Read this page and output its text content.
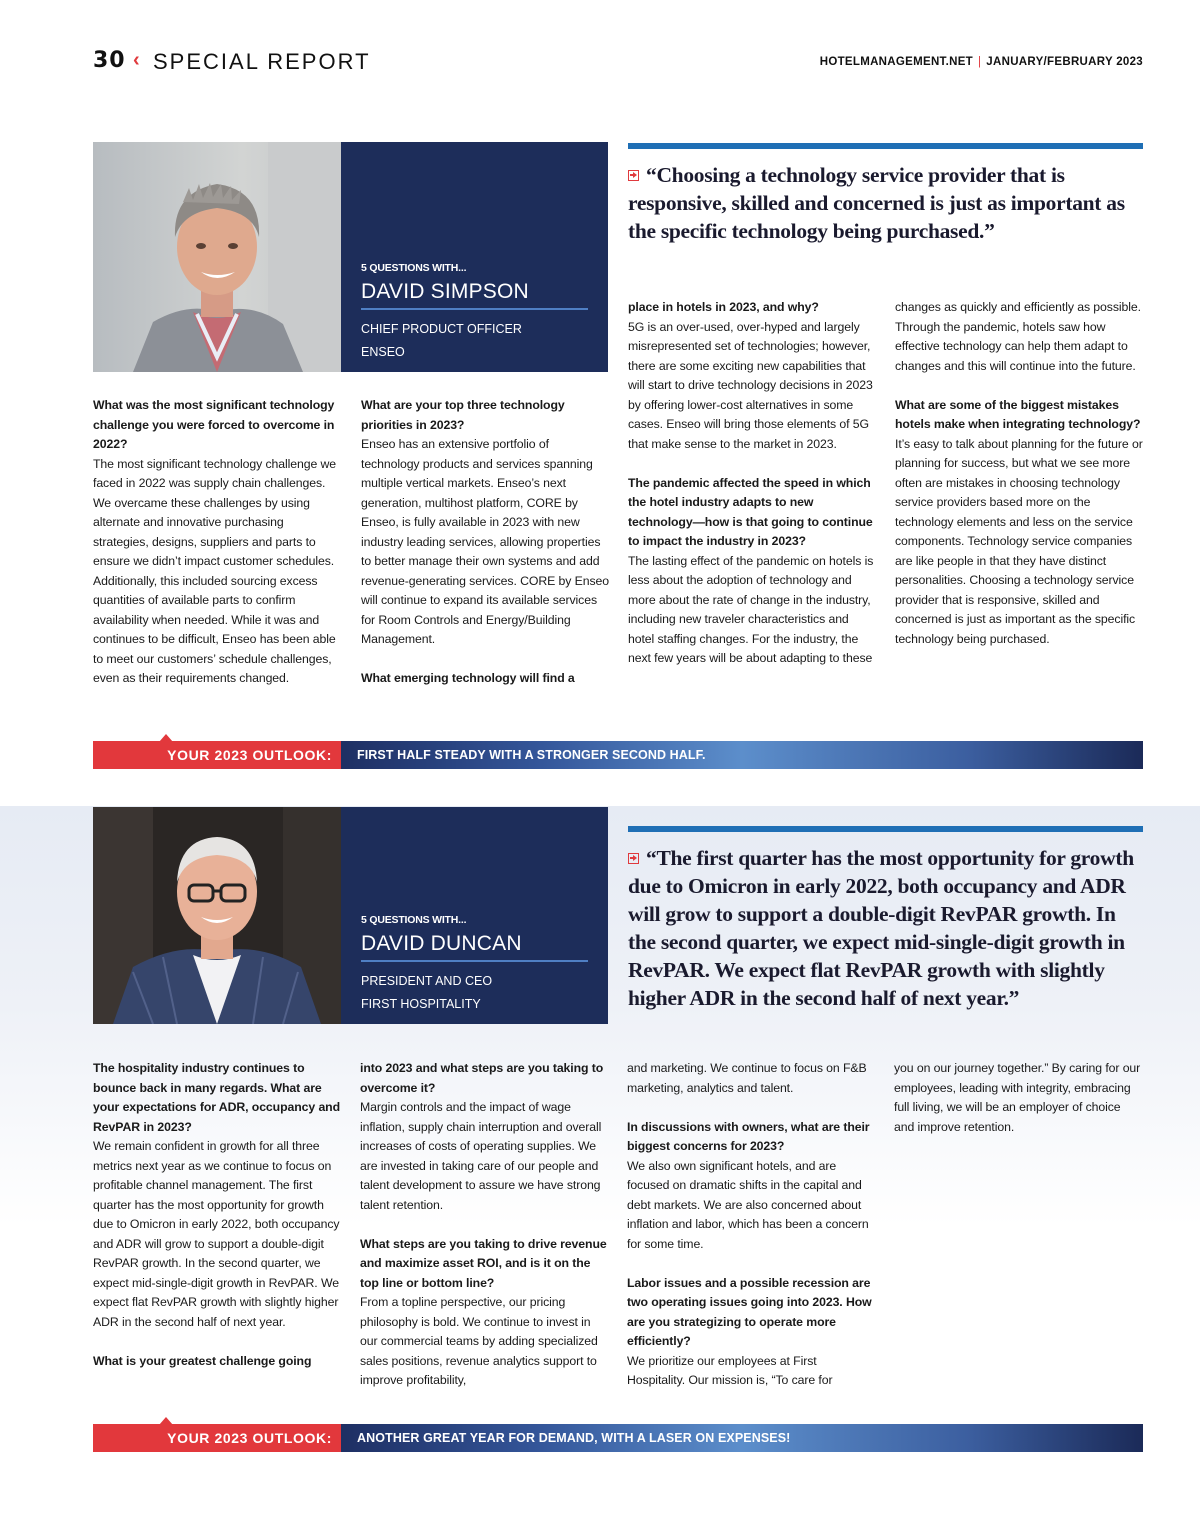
30 ‹ SPECIAL REPORT	HOTELMANAGEMENT.NET | JANUARY/FEBRUARY 2023
5 QUESTIONS WITH...
DAVID SIMPSON
CHIEF PRODUCT OFFICER
ENSEO
“Choosing a technology service provider that is responsive, skilled and concerned is just as important as the specific technology being purchased.”
What was the most significant technology challenge you were forced to overcome in 2022?
The most significant technology challenge we faced in 2022 was supply chain challenges. We overcame these challenges by using alternate and innovative purchasing strategies, designs, suppliers and parts to ensure we didn’t impact customer schedules. Additionally, this included sourcing excess quantities of available parts to confirm availability when needed. While it was and continues to be difficult, Enseo has been able to meet our customers’ schedule challenges, even as their requirements changed.
What are your top three technology priorities in 2023?
Enseo has an extensive portfolio of technology products and services spanning multiple vertical markets. Enseo’s next generation, multihost platform, CORE by Enseo, is fully available in 2023 with new industry leading services, allowing properties to better manage their own systems and add revenue-generating services. CORE by Enseo will continue to expand its available services for Room Controls and Energy/Building Management.
What emerging technology will find a
place in hotels in 2023, and why?
5G is an over-used, over-hyped and largely misrepresented set of technologies; however, there are some exciting new capabilities that will start to drive technology decisions in 2023 by offering lower-cost alternatives in some cases. Enseo will bring those elements of 5G that make sense to the market in 2023.
The pandemic affected the speed in which the hotel industry adapts to new technology—how is that going to continue to impact the industry in 2023?
The lasting effect of the pandemic on hotels is less about the adoption of technology and more about the rate of change in the industry, including new traveler characteristics and hotel staffing changes. For the industry, the next few years will be about adapting to these
changes as quickly and efficiently as possible. Through the pandemic, hotels saw how effective technology can help them adapt to changes and this will continue into the future.
What are some of the biggest mistakes hotels make when integrating technology?
It’s easy to talk about planning for the future or planning for success, but what we see more often are mistakes in choosing technology service providers based more on the technology elements and less on the service components. Technology service companies are like people in that they have distinct personalities. Choosing a technology service provider that is responsive, skilled and concerned is just as important as the specific technology being purchased.
YOUR 2023 OUTLOOK: FIRST HALF STEADY WITH A STRONGER SECOND HALF.
5 QUESTIONS WITH...
DAVID DUNCAN
PRESIDENT AND CEO
FIRST HOSPITALITY
“The first quarter has the most opportunity for growth due to Omicron in early 2022, both occupancy and ADR will grow to support a double-digit RevPAR growth. In the second quarter, we expect mid-single-digit growth in RevPAR. We expect flat RevPAR growth with slightly higher ADR in the second half of next year.”
The hospitality industry continues to bounce back in many regards. What are your expectations for ADR, occupancy and RevPAR in 2023?
We remain confident in growth for all three metrics next year as we continue to focus on profitable channel management. The first quarter has the most opportunity for growth due to Omicron in early 2022, both occupancy and ADR will grow to support a double-digit RevPAR growth. In the second quarter, we expect mid-single-digit growth in RevPAR. We expect flat RevPAR growth with slightly higher ADR in the second half of next year.
What is your greatest challenge going
into 2023 and what steps are you taking to overcome it?
Margin controls and the impact of wage inflation, supply chain interruption and overall increases of costs of operating supplies. We are invested in taking care of our people and talent development to assure we have strong talent retention.
What steps are you taking to drive revenue and maximize asset ROI, and is it on the top line or bottom line?
From a topline perspective, our pricing philosophy is bold. We continue to invest in our commercial teams by adding specialized sales positions, revenue analytics support to improve profitability,
and marketing. We continue to focus on F&B marketing, analytics and talent.
In discussions with owners, what are their biggest concerns for 2023?
We also own significant hotels, and are focused on dramatic shifts in the capital and debt markets. We are also concerned about inflation and labor, which has been a concern for some time.
Labor issues and a possible recession are two operating issues going into 2023. How are you strategizing to operate more efficiently?
We prioritize our employees at First Hospitality. Our mission is, “To care for
you on our journey together.” By caring for our employees, leading with integrity, embracing full living, we will be an employer of choice and improve retention.
YOUR 2023 OUTLOOK: ANOTHER GREAT YEAR FOR DEMAND, WITH A LASER ON EXPENSES!
